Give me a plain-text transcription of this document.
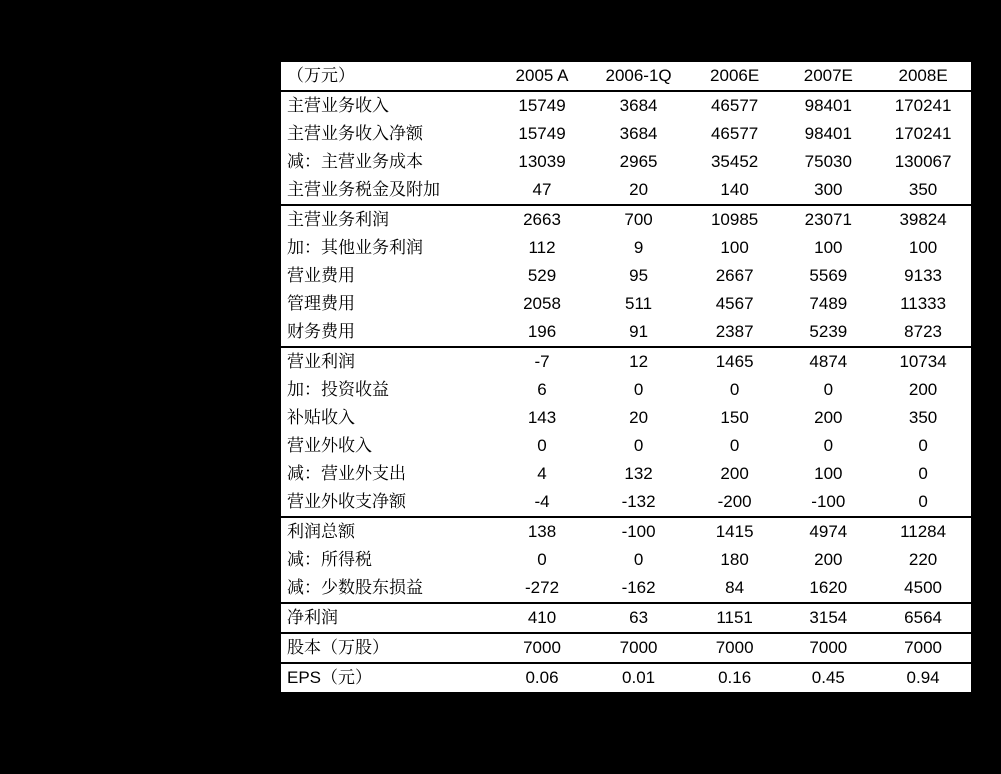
（万元）	2005 A	2006-1Q	2006E	2007E	2008E
主营业务收入	15749	3684	46577	98401	170241
主营业务收入净额	15749	3684	46577	98401	170241
减：主营业务成本	13039	2965	35452	75030	130067
主营业务税金及附加	47	20	140	300	350
主营业务利润	2663	700	10985	23071	39824
加：其他业务利润	112	9	100	100	100
营业费用	529	95	2667	5569	9133
管理费用	2058	511	4567	7489	11333
财务费用	196	91	2387	5239	8723
营业利润	-7	12	1465	4874	10734
加：投资收益	6	0	0	0	200
补贴收入	143	20	150	200	350
营业外收入	0	0	0	0	0
减：营业外支出	4	132	200	100	0
营业外收支净额	-4	-132	-200	-100	0
利润总额	138	-100	1415	4974	11284
减：所得税	0	0	180	200	220
减：少数股东损益	-272	-162	84	1620	4500
净利润	410	63	1151	3154	6564
股本（万股）	7000	7000	7000	7000	7000
EPS（元）	0.06	0.01	0.16	0.45	0.94
